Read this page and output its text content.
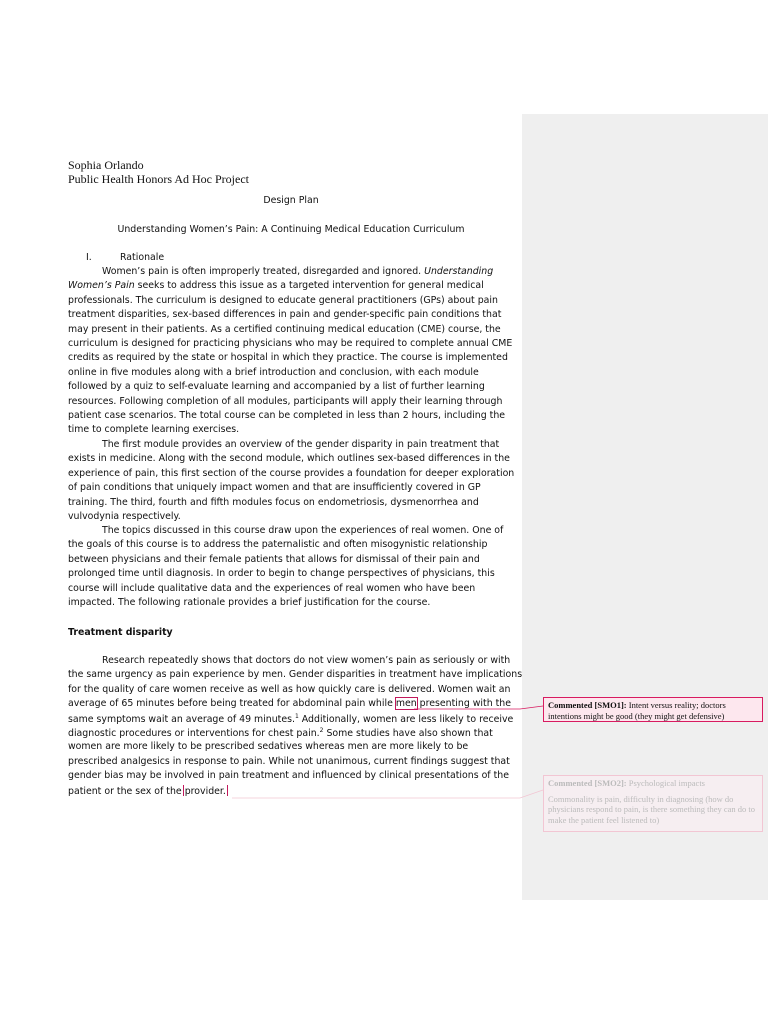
Sophia Orlando
Public Health Honors Ad Hoc Project
Design Plan
Understanding Women’s Pain: A Continuing Medical Education Curriculum
I.	Rationale
Women’s pain is often improperly treated, disregarded and ignored. Understanding
Women’s Pain seeks to address this issue as a targeted intervention for general medical
professionals. The curriculum is designed to educate general practitioners (GPs) about pain
treatment disparities, sex-based differences in pain and gender-specific pain conditions that
may present in their patients. As a certified continuing medical education (CME) course, the
curriculum is designed for practicing physicians who may be required to complete annual CME
credits as required by the state or hospital in which they practice. The course is implemented
online in five modules along with a brief introduction and conclusion, with each module
followed by a quiz to self-evaluate learning and accompanied by a list of further learning
resources. Following completion of all modules, participants will apply their learning through
patient case scenarios. The total course can be completed in less than 2 hours, including the
time to complete learning exercises.
The first module provides an overview of the gender disparity in pain treatment that
exists in medicine. Along with the second module, which outlines sex-based differences in the
experience of pain, this first section of the course provides a foundation for deeper exploration
of pain conditions that uniquely impact women and that are insufficiently covered in GP
training. The third, fourth and fifth modules focus on endometriosis, dysmenorrhea and
vulvodynia respectively.
The topics discussed in this course draw upon the experiences of real women. One of
the goals of this course is to address the paternalistic and often misogynistic relationship
between physicians and their female patients that allows for dismissal of their pain and
prolonged time until diagnosis. In order to begin to change perspectives of physicians, this
course will include qualitative data and the experiences of real women who have been
impacted. The following rationale provides a brief justification for the course.
Treatment disparity
Research repeatedly shows that doctors do not view women’s pain as seriously or with
the same urgency as pain experience by men. Gender disparities in treatment have implications
for the quality of care women receive as well as how quickly care is delivered. Women wait an
average of 65 minutes before being treated for abdominal pain while men presenting with the
same symptoms wait an average of 49 minutes.$^1$ Additionally, women are less likely to receive
diagnostic procedures or interventions for chest pain.$^2$ Some studies have also shown that
women are more likely to be prescribed sedatives whereas men are more likely to be
prescribed analgesics in response to pain. While not unanimous, current findings suggest that
gender bias may be involved in pain treatment and influenced by clinical presentations of the
patient or the sex of the provider.
Commented [SMO1]: Intent versus reality; doctors intentions might be good (they might get defensive)
Commented [SMO2]: Psychological impacts
Commonality is pain, difficulty in diagnosing (how do physicians respond to pain, is there something they can do to make the patient feel listened to)
